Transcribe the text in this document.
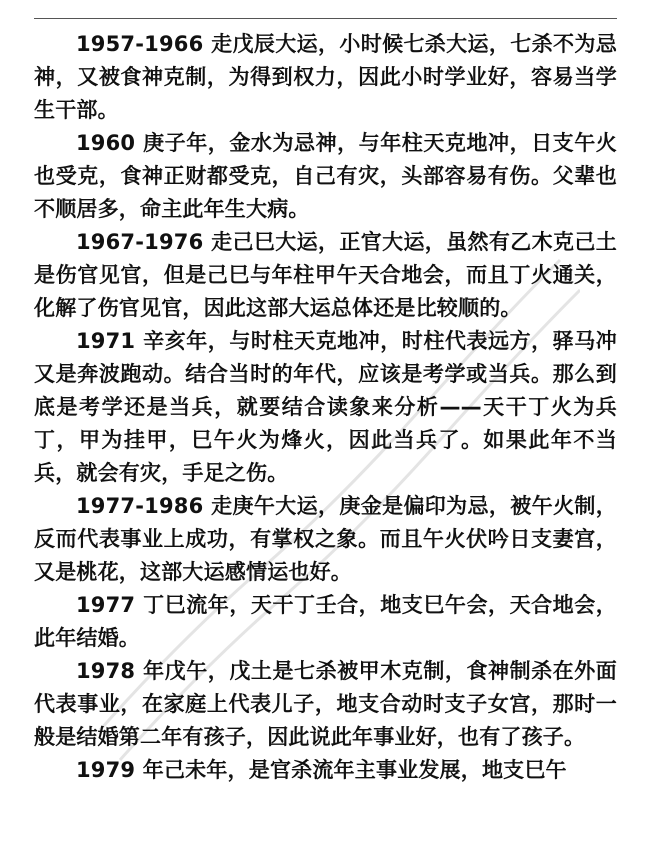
1957-1966 走戊辰大运，小时候七杀大运，七杀不为忌神，又被食神克制，为得到权力，因此小时学业好，容易当学生干部。

1960 庚子年，金水为忌神，与年柱天克地冲，日支午火也受克，食神正财都受克，自己有灾，头部容易有伤。父辈也不顺居多，命主此年生大病。

1967-1976 走己巳大运，正官大运，虽然有乙木克己土是伤官见官，但是己巳与年柱甲午天合地会，而且丁火通关，化解了伤官见官，因此这部大运总体还是比较顺的。

1971 辛亥年，与时柱天克地冲，时柱代表远方，驿马冲又是奔波跑动。结合当时的年代，应该是考学或当兵。那么到底是考学还是当兵，就要结合读象来分析——天干丁火为兵丁，甲为挂甲，巳午火为烽火，因此当兵了。如果此年不当兵，就会有灾，手足之伤。

1977-1986 走庚午大运，庚金是偏印为忌，被午火制，反而代表事业上成功，有掌权之象。而且午火伏吟日支妻宫，又是桃花，这部大运感情运也好。

1977 丁巳流年，天干丁壬合，地支巳午会，天合地会，此年结婚。

1978 年戊午，戊土是七杀被甲木克制，食神制杀在外面代表事业，在家庭上代表儿子，地支合动时支子女宫，那时一般是结婚第二年有孩子，因此说此年事业好，也有了孩子。

1979 年己未年，是官杀流年主事业发展，地支巳午
